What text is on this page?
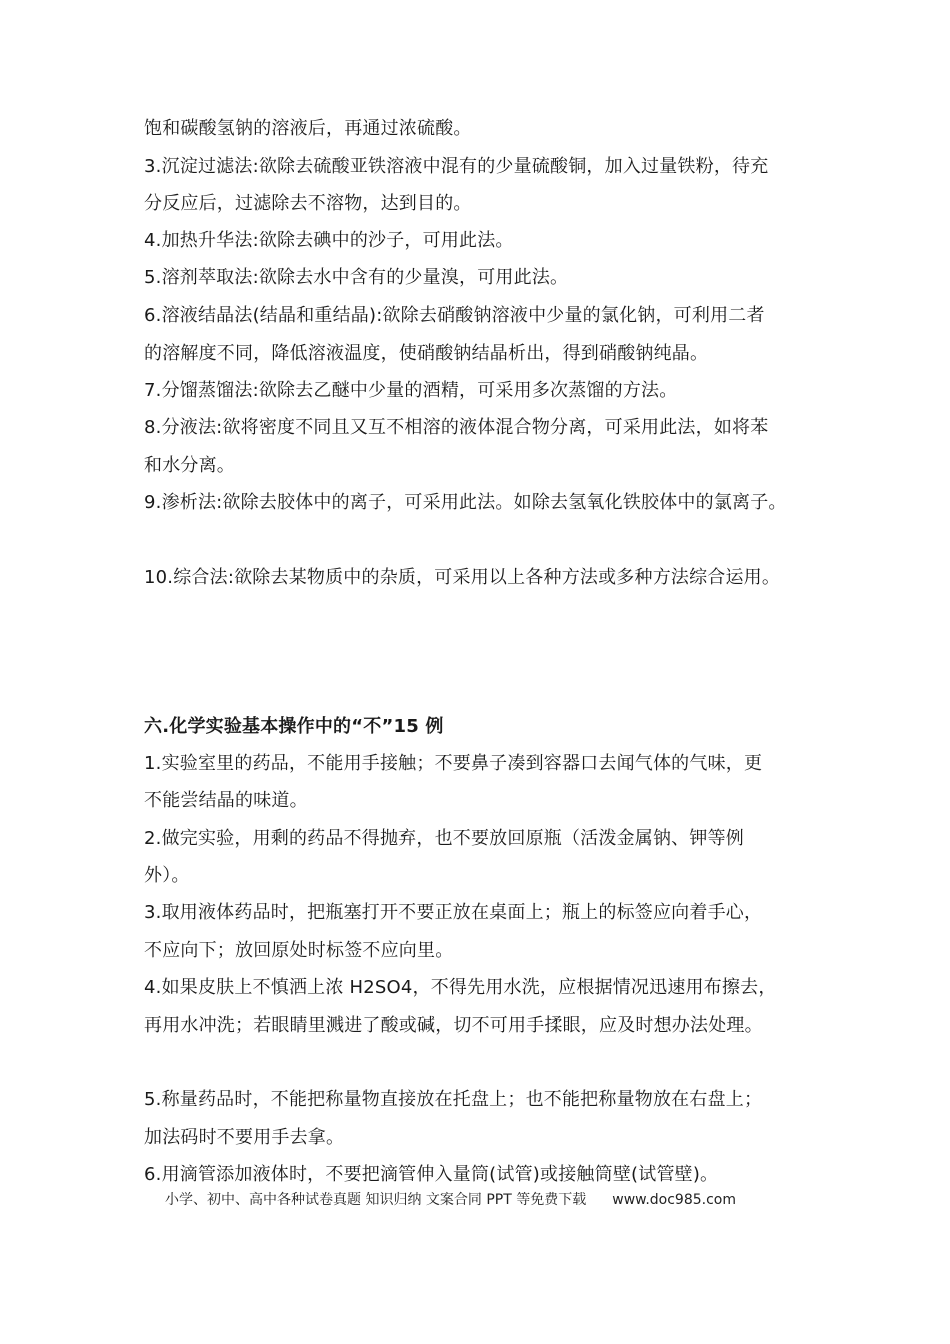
饱和碳酸氢钠的溶液后，再通过浓硫酸。

3.沉淀过滤法:欲除去硫酸亚铁溶液中混有的少量硫酸铜，加入过量铁粉，待充

分反应后，过滤除去不溶物，达到目的。

4.加热升华法:欲除去碘中的沙子，可用此法。

5.溶剂萃取法:欲除去水中含有的少量溴，可用此法。

6.溶液结晶法(结晶和重结晶):欲除去硝酸钠溶液中少量的氯化钠，可利用二者

的溶解度不同，降低溶液温度，使硝酸钠结晶析出，得到硝酸钠纯晶。

7.分馏蒸馏法:欲除去乙醚中少量的酒精，可采用多次蒸馏的方法。

8.分液法:欲将密度不同且又互不相溶的液体混合物分离，可采用此法，如将苯

和水分离。

9.渗析法:欲除去胶体中的离子，可采用此法。如除去氢氧化铁胶体中的氯离子。

10.综合法:欲除去某物质中的杂质，可采用以上各种方法或多种方法综合运用。

六.化学实验基本操作中的“不”15 例

1.实验室里的药品，不能用手接触；不要鼻子凑到容器口去闻气体的气味，更

不能尝结晶的味道。

2.做完实验，用剩的药品不得抛弃，也不要放回原瓶（活泼金属钠、钾等例

外）。

3.取用液体药品时，把瓶塞打开不要正放在桌面上；瓶上的标签应向着手心，

不应向下；放回原处时标签不应向里。

4.如果皮肤上不慎洒上浓 H2SO4，不得先用水洗，应根据情况迅速用布擦去，

再用水冲洗；若眼睛里溅进了酸或碱，切不可用手揉眼，应及时想办法处理。

5.称量药品时，不能把称量物直接放在托盘上；也不能把称量物放在右盘上；

加法码时不要用手去拿。

6.用滴管添加液体时，不要把滴管伸入量筒(试管)或接触筒壁(试管壁)。

小学、初中、高中各种试卷真题 知识归纳 文案合同 PPT 等免费下载 www.doc985.com
